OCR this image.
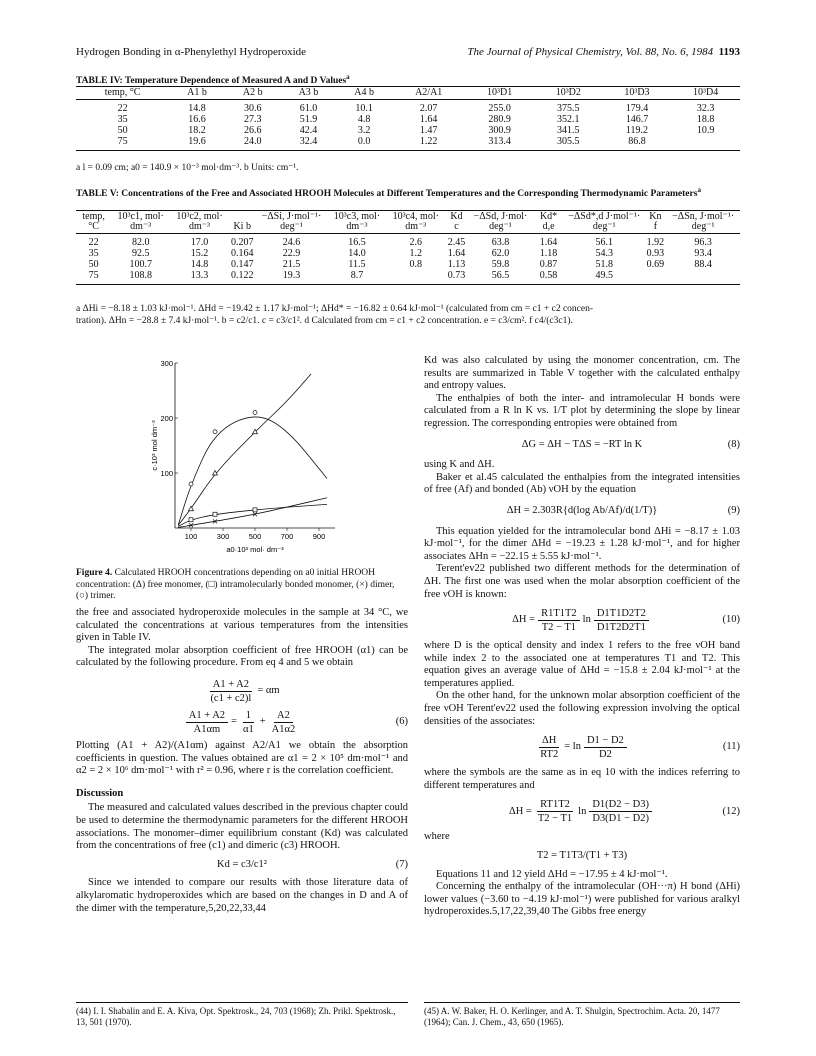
Hydrogen Bonding in α-Phenylethyl Hydroperoxide	The Journal of Physical Chemistry, Vol. 88, No. 6, 1984 1193
TABLE IV: Temperature Dependence of Measured A and D Values$^a$
temp, °C	A1 b	A2 b	A3 b	A4 b	A2/A1	10³D1	10³D2	10³D3	10³D4
22	14.8	30.6	61.0	10.1	2.07	255.0	375.5	179.4	32.3
35	16.6	27.3	51.9	4.8	1.64	280.9	352.1	146.7	18.8
50	18.2	26.6	42.4	3.2	1.47	300.9	341.5	119.2	10.9
75	19.6	24.0	32.4	0.0	1.22	313.4	305.5	86.8	
a l = 0.09 cm; a0 = 140.9 × 10⁻³ mol·dm⁻³. b Units: cm⁻¹.
TABLE V: Concentrations of the Free and Associated HROOH Molecules at Different Temperatures and the Corresponding Thermodynamic Parameters$^a$
temp, °C	10³c1, mol· dm⁻³	10³c2, mol· dm⁻³	Ki b	−ΔSi, J·mol⁻¹· deg⁻¹	10³c3, mol· dm⁻³	10³c4, mol· dm⁻³	Kd c	−ΔSd, J·mol· deg⁻¹	Kd* d,e	−ΔSd*,d J·mol⁻¹· deg⁻¹	Kn f	−ΔSn, J·mol⁻¹· deg⁻¹
22	82.0	17.0	0.207	24.6	16.5	2.6	2.45	63.8	1.64	56.1	1.92	96.3
35	92.5	15.2	0.164	22.9	14.0	1.2	1.64	62.0	1.18	54.3	0.93	93.4
50	100.7	14.8	0.147	21.5	11.5	0.8	1.13	59.8	0.87	51.8	0.69	88.4
75	108.8	13.3	0.122	19.3	8.7		0.73	56.5	0.58	49.5		
a ΔHi = −8.18 ± 1.03 kJ·mol⁻¹. ΔHd = −19.42 ± 1.17 kJ·mol⁻¹; ΔHd* = −16.82 ± 0.64 kJ·mol⁻¹ (calculated from cm = c1 + c2 concen-
tration). ΔHn = −28.8 ± 7.4 kJ·mol⁻¹. b = c2/c1. c = c3/c1². d Calculated from cm = c1 + c2 concentration. e = c3/cm². f c4/(c3c1).
100	300	500	700	900
100
200
300
a0·10³ mol· dm⁻³
c·10³ mol dm⁻³
Figure 4. Calculated HROOH concentrations depending on a0 initial HROOH concentration: (Δ) free monomer, (□) intramolecularly bonded monomer, (×) dimer, (○) trimer.

the free and associated hydroperoxide molecules in the sample at 34 °C, we calculated the concentrations at various temperatures from the intensities given in Table IV.

The integrated molar absorption coefficient of free HROOH (α1) can be calculated by the following procedure. From eq 4 and 5 we obtain

$\frac{A1 + A2}{(c1 + c2)l} = \alpha m$
$\frac{A1 + A2}{A1\alpha m} = \frac{1}{\alpha 1} + \frac{A2}{A1\alpha 2}$	(6)

Plotting (A1 + A2)/(A1αm) against A2/A1 we obtain the absorption coefficients in question. The values obtained are α1 = 2 × 10⁵ dm·mol⁻¹ and α2 = 2 × 10⁶ dm·mol⁻¹ with r² = 0.96, where r is the correlation coefficient.

Discussion

The measured and calculated values described in the previous chapter could be used to determine the thermodynamic parameters for the different HROOH associations. The monomer–dimer equilibrium constant (Kd) was calculated from the concentrations of free (c1) and dimeric (c3) HROOH.

Kd = c3/c1²	(7)

Since we intended to compare our results with those literature data of alkylaromatic hydroperoxides which are based on the changes in D and A of the dimer with the temperature,5,20,22,33,44

Kd was also calculated by using the monomer concentration, cm. The results are summarized in Table V together with the calculated enthalpy and entropy values.

The enthalpies of both the inter- and intramolecular H bonds were calculated from a R ln K vs. 1/T plot by determining the slope by linear regression. The corresponding entropies were obtained from

ΔG = ΔH − TΔS = −RT ln K	(8)

using K and ΔH.

Baker et al.45 calculated the enthalpies from the integrated intensities of free (Af) and bonded (Ab) νOH by the equation

ΔH = 2.303R{d(log Ab/Af)/d(1/T)}	(9)

This equation yielded for the intramolecular bond ΔHi = −8.17 ± 1.03 kJ·mol⁻¹, for the dimer ΔHd = −19.23 ± 1.28 kJ·mol⁻¹, and for higher associates ΔHn = −22.15 ± 5.55 kJ·mol⁻¹.

Terent'ev22 published two different methods for the determination of ΔH. The first one was used when the molar absorption coefficient of the free νOH is known:

$\Delta H = \frac{R1T1T2}{T2 - T1}$ $\ln \frac{D1T1D2T2}{D1T2D2T1}$	(10)

where D is the optical density and index 1 refers to the free νOH band while index 2 to the associated one at temperatures T1 and T2. This equation gives an average value of ΔHd = −15.8 ± 2.04 kJ·mol⁻¹ at the temperatures applied.

On the other hand, for the unknown molar absorption coefficient of the free νOH Terent'ev22 used the following expression involving the optical densities of the associates:

$\frac{\Delta H}{RT2} = \ln \frac{D1 - D2}{D2}$	(11)

where the symbols are the same as in eq 10 with the indices referring to different temperatures and

$\Delta H = \frac{RT1T2}{T2 - T1}$ $\ln \frac{D1(D2 - D3)}{D3(D1 - D2)}$	(12)

where

T2 = T1T3/(T1 + T3)

Equations 11 and 12 yield ΔHd = −17.95 ± 4 kJ·mol⁻¹.

Concerning the enthalpy of the intramolecular (OH···π) H bond (ΔHi) lower values (−3.60 to −4.19 kJ·mol⁻¹) were published for various aralkyl hydroperoxides.5,17,22,39,40 The Gibbs free energy

(44) I. I. Shabalin and E. A. Kiva, Opt. Spektrosk., 24, 703 (1968); Zh. Prikl. Spektrosk., 13, 501 (1970).
(45) A. W. Baker, H. O. Kerlinger, and A. T. Shulgin, Spectrochim. Acta. 20, 1477 (1964); Can. J. Chem., 43, 650 (1965).
